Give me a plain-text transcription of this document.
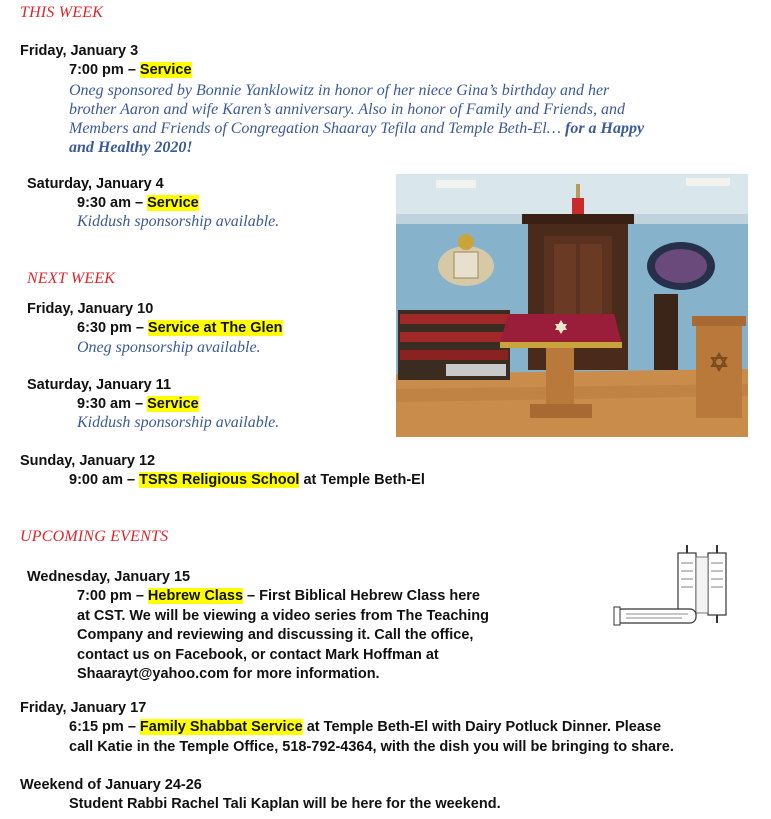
THIS WEEK
Friday, January 3
7:00 pm – Service
Oneg sponsored by Bonnie Yanklowitz in honor of her niece Gina’s birthday and her
brother Aaron and wife Karen’s anniversary. Also in honor of Family and Friends, and
Members and Friends of Congregation Shaaray Tefila and Temple Beth-El… for a Happy
and Healthy 2020!
Saturday, January 4
9:30 am – Service
Kiddush sponsorship available.
NEXT WEEK
Friday, January 10
6:30 pm – Service at The Glen
Oneg sponsorship available.
Saturday, January 11
9:30 am – Service
Kiddush sponsorship available.
Sunday, January 12
9:00 am – TSRS Religious School at Temple Beth-El
UPCOMING EVENTS
Wednesday, January 15
7:00 pm – Hebrew Class – First Biblical Hebrew Class here
at CST. We will be viewing a video series from The Teaching
Company and reviewing and discussing it. Call the office,
contact us on Facebook, or contact Mark Hoffman at
Shaarayt@yahoo.com for more information.
Friday, January 17
6:15 pm – Family Shabbat Service at Temple Beth-El with Dairy Potluck Dinner. Please
call Katie in the Temple Office, 518-792-4364, with the dish you will be bringing to share.
Weekend of January 24-26
Student Rabbi Rachel Tali Kaplan will be here for the weekend.
